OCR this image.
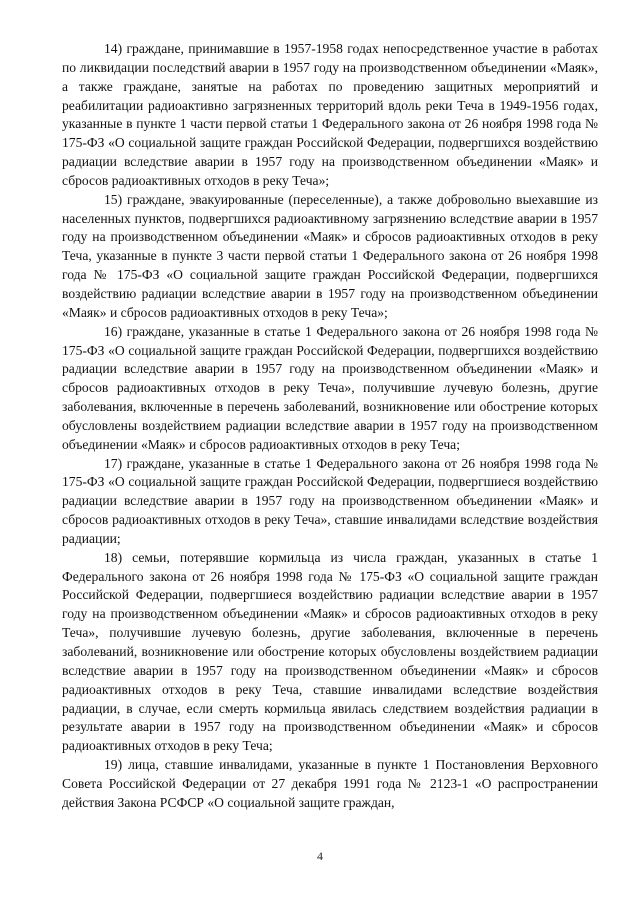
14) граждане, принимавшие в 1957-1958 годах непосредственное участие в работах по ликвидации последствий аварии в 1957 году на производственном объединении «Маяк», а также граждане, занятые на работах по проведению защитных мероприятий и реабилитации радиоактивно загрязненных территорий вдоль реки Теча в 1949-1956 годах, указанные в пункте 1 части первой статьи 1 Федерального закона от 26 ноября 1998 года № 175-ФЗ «О социальной защите граждан Российской Федерации, подвергшихся воздействию радиации вследствие аварии в 1957 году на производственном объединении «Маяк» и сбросов радиоактивных отходов в реку Теча»;

15) граждане, эвакуированные (переселенные), а также добровольно выехавшие из населенных пунктов, подвергшихся радиоактивному загрязнению вследствие аварии в 1957 году на производственном объединении «Маяк» и сбросов радиоактивных отходов в реку Теча, указанные в пункте 3 части первой статьи 1 Федерального закона от 26 ноября 1998 года № 175-ФЗ «О социальной защите граждан Российской Федерации, подвергшихся воздействию радиации вследствие аварии в 1957 году на производственном объединении «Маяк» и сбросов радиоактивных отходов в реку Теча»;

16) граждане, указанные в статье 1 Федерального закона от 26 ноября 1998 года № 175-ФЗ «О социальной защите граждан Российской Федерации, подвергшихся воздействию радиации вследствие аварии в 1957 году на производственном объединении «Маяк» и сбросов радиоактивных отходов в реку Теча», получившие лучевую болезнь, другие заболевания, включенные в перечень заболеваний, возникновение или обострение которых обусловлены воздействием радиации вследствие аварии в 1957 году на производственном объединении «Маяк» и сбросов радиоактивных отходов в реку Теча;

17) граждане, указанные в статье 1 Федерального закона от 26 ноября 1998 года № 175-ФЗ «О социальной защите граждан Российской Федерации, подвергшиеся воздействию радиации вследствие аварии в 1957 году на производственном объединении «Маяк» и сбросов радиоактивных отходов в реку Теча», ставшие инвалидами вследствие воздействия радиации;

18) семьи, потерявшие кормильца из числа граждан, указанных в статье 1 Федерального закона от 26 ноября 1998 года № 175-ФЗ «О социальной защите граждан Российской Федерации, подвергшиеся воздействию радиации вследствие аварии в 1957 году на производственном объединении «Маяк» и сбросов радиоактивных отходов в реку Теча», получившие лучевую болезнь, другие заболевания, включенные в перечень заболеваний, возникновение или обострение которых обусловлены воздействием радиации вследствие аварии в 1957 году на производственном объединении «Маяк» и сбросов радиоактивных отходов в реку Теча, ставшие инвалидами вследствие воздействия радиации, в случае, если смерть кормильца явилась следствием воздействия радиации в результате аварии в 1957 году на производственном объединении «Маяк» и сбросов радиоактивных отходов в реку Теча;

19) лица, ставшие инвалидами, указанные в пункте 1 Постановления Верховного Совета Российской Федерации от 27 декабря 1991 года № 2123-1 «О распространении действия Закона РСФСР «О социальной защите граждан,

4
